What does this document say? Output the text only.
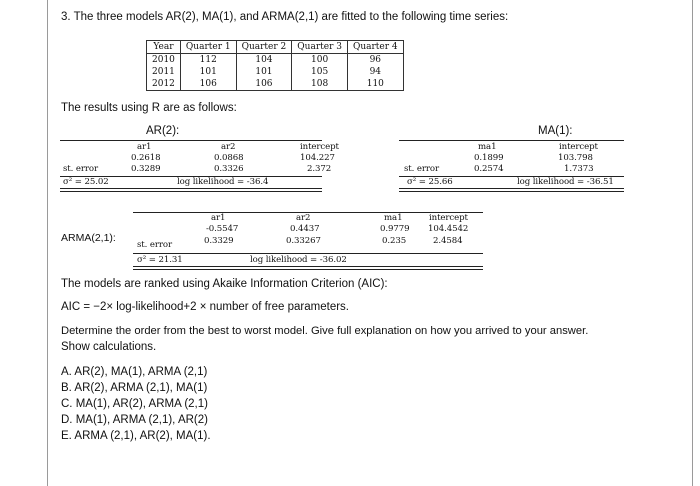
3. The three models AR(2), MA(1), and ARMA(2,1) are fitted to the following time series:
Year	Quarter 1	Quarter 2	Quarter 3	Quarter 4
2010	112	104	100	96
2011	101	101	105	94
2012	106	106	108	110
The results using R are as follows:
AR(2):
ar1	ar2	intercept
0.2618	0.0868	104.227
st. error	0.3289	0.3326	2.372
σ² = 25.02	log likelihood = -36.4
MA(1):
ma1	intercept
0.1899	103.798
st. error	0.2574	1.7373
σ² = 25.66	log likelihood = -36.51
ar1	ar2	ma1	intercept
ARMA(2,1):
-0.5547	0.4437	0.9779 104.4542
st. error	0.3329	0.33267	0.235	2.4584
σ² = 21.31	log likelihood = -36.02
The models are ranked using Akaike Information Criterion (AIC):
AIC = −2× log-likelihood+2 × number of free parameters.
Determine the order from the best to worst model. Give full explanation on how you arrived to your answer.
Show calculations.
A. AR(2), MA(1), ARMA (2,1)
B. AR(2), ARMA (2,1), MA(1)
C. MA(1), AR(2), ARMA (2,1)
D. MA(1), ARMA (2,1), AR(2)
E. ARMA (2,1), AR(2), MA(1).
